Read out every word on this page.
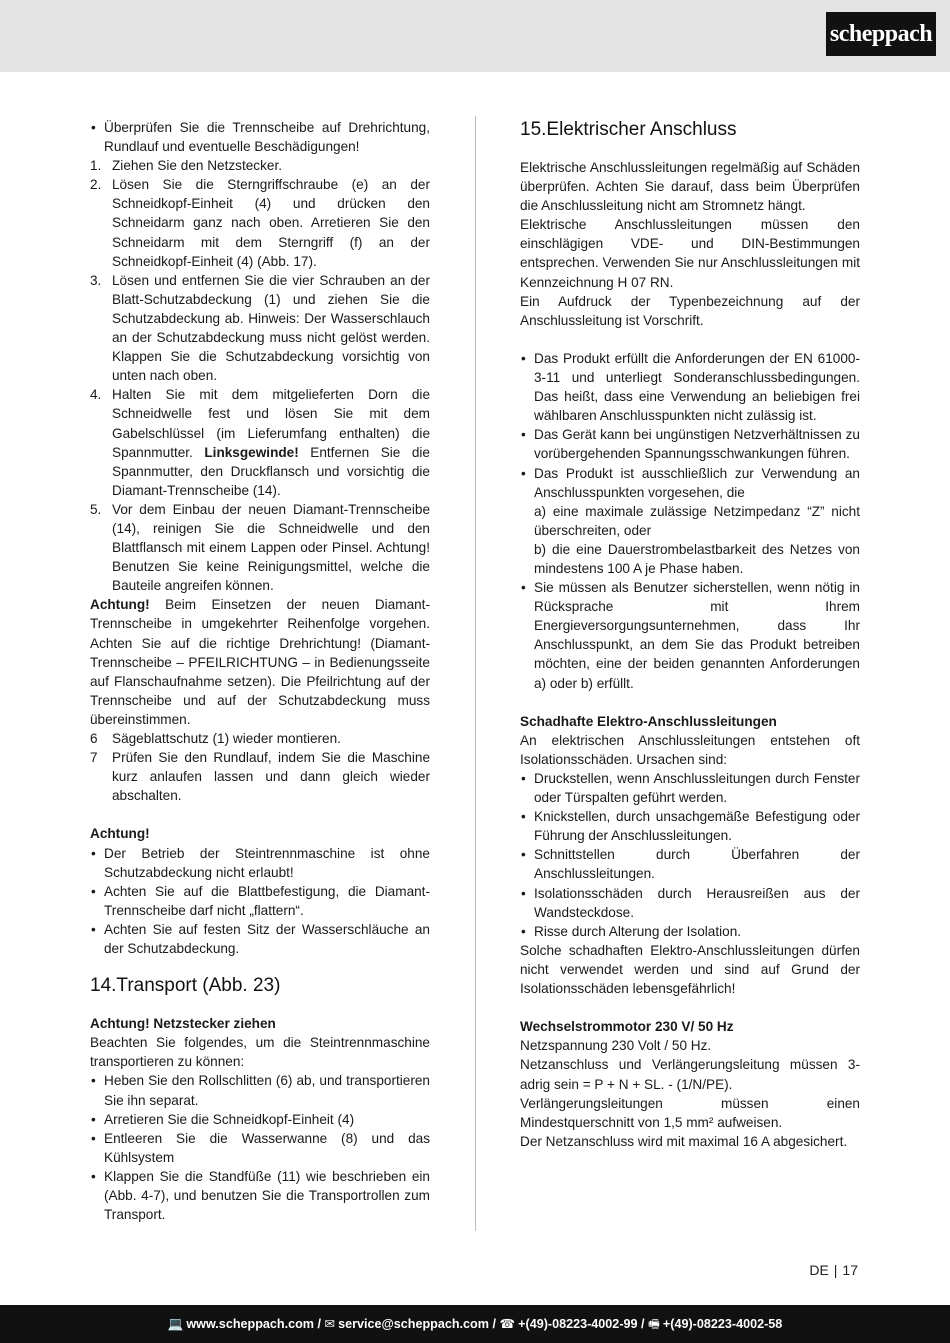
scheppach
• Überprüfen Sie die Trennscheibe auf Drehrichtung, Rundlauf und eventuelle Beschädigungen!
1. Ziehen Sie den Netzstecker.
2. Lösen Sie die Sterngriffschraube (e) an der Schneidkopf-Einheit (4) und drücken den Schneidarm ganz nach oben. Arretieren Sie den Schneidarm mit dem Sterngriff (f) an der Schneidkopf-Einheit (4) (Abb. 17).
3. Lösen und entfernen Sie die vier Schrauben an der Blatt-Schutzabdeckung (1) und ziehen Sie die Schutzabdeckung ab. Hinweis: Der Wasserschlauch an der Schutzabdeckung muss nicht gelöst werden. Klappen Sie die Schutzabdeckung vorsichtig von unten nach oben.
4. Halten Sie mit dem mitgelieferten Dorn die Schneidwelle fest und lösen Sie mit dem Gabelschlüssel (im Lieferumfang enthalten) die Spannmutter. Linksgewinde! Entfernen Sie die Spannmutter, den Druckflansch und vorsichtig die Diamant-Trennscheibe (14).
5. Vor dem Einbau der neuen Diamant-Trennscheibe (14), reinigen Sie die Schneidwelle und den Blattflansch mit einem Lappen oder Pinsel. Achtung! Benutzen Sie keine Reinigungsmittel, welche die Bauteile angreifen können.

Achtung! Beim Einsetzen der neuen Diamant-Trennscheibe in umgekehrter Reihenfolge vorgehen. Achten Sie auf die richtige Drehrichtung! (Diamant-Trennscheibe – PFEILRICHTUNG – in Bedienungsseite auf Flanschaufnahme setzen). Die Pfeilrichtung auf der Trennscheibe und auf der Schutzabdeckung muss übereinstimmen.

6 Sägeblattschutz (1) wieder montieren.
7 Prüfen Sie den Rundlauf, indem Sie die Maschine kurz anlaufen lassen und dann gleich wieder abschalten.

Achtung!

• Der Betrieb der Steintrennmaschine ist ohne Schutzabdeckung nicht erlaubt!
• Achten Sie auf die Blattbefestigung, die Diamant-Trennscheibe darf nicht „flattern“.
• Achten Sie auf festen Sitz der Wasserschläuche an der Schutzabdeckung.
14.Transport (Abb. 23)

Achtung! Netzstecker ziehen

Beachten Sie folgendes, um die Steintrennmaschine transportieren zu können:

• Heben Sie den Rollschlitten (6) ab, und transportieren Sie ihn separat.
• Arretieren Sie die Schneidkopf-Einheit (4)
• Entleeren Sie die Wasserwanne (8) und das Kühlsystem
• Klappen Sie die Standfüße (11) wie beschrieben ein (Abb. 4-7), und benutzen Sie die Transportrollen zum Transport.
15.Elektrischer Anschluss

Elektrische Anschlussleitungen regelmäßig auf Schäden überprüfen. Achten Sie darauf, dass beim Überprüfen die Anschlussleitung nicht am Stromnetz hängt.

Elektrische Anschlussleitungen müssen den einschlägigen VDE- und DIN-Bestimmungen entsprechen. Verwenden Sie nur Anschlussleitungen mit Kennzeichnung H 07 RN.

Ein Aufdruck der Typenbezeichnung auf der Anschlussleitung ist Vorschrift.

• Das Produkt erfüllt die Anforderungen der EN 61000-3-11 und unterliegt Sonderanschlussbedingungen. Das heißt, dass eine Verwendung an beliebigen frei wählbaren Anschlusspunkten nicht zulässig ist.
• Das Gerät kann bei ungünstigen Netzverhältnissen zu vorübergehenden Spannungsschwankungen führen.
• Das Produkt ist ausschließlich zur Verwendung an Anschlusspunkten vorgesehen, die
a) eine maximale zulässige Netzimpedanz “Z” nicht überschreiten, oder
b) die eine Dauerstrombelastbarkeit des Netzes von mindestens 100 A je Phase haben.
• Sie müssen als Benutzer sicherstellen, wenn nötig in Rücksprache mit Ihrem Energieversorgungsunternehmen, dass Ihr Anschlusspunkt, an dem Sie das Produkt betreiben möchten, eine der beiden genannten Anforderungen a) oder b) erfüllt.

Schadhafte Elektro-Anschlussleitungen

An elektrischen Anschlussleitungen entstehen oft Isolationsschäden. Ursachen sind:

• Druckstellen, wenn Anschlussleitungen durch Fenster oder Türspalten geführt werden.
• Knickstellen, durch unsachgemäße Befestigung oder Führung der Anschlussleitungen.
• Schnittstellen durch Überfahren der Anschlussleitungen.
• Isolationsschäden durch Herausreißen aus der Wandsteckdose.
• Risse durch Alterung der Isolation.

Solche schadhaften Elektro-Anschlussleitungen dürfen nicht verwendet werden und sind auf Grund der Isolationsschäden lebensgefährlich!

Wechselstrommotor 230 V/ 50 Hz

Netzspannung 230 Volt / 50 Hz.

Netzanschluss und Verlängerungsleitung müssen 3-adrig sein = P + N + SL. - (1/N/PE).

Verlängerungsleitungen müssen einen Mindestquerschnitt von 1,5 mm² aufweisen.

Der Netzanschluss wird mit maximal 16 A abgesichert.

DE | 17
💻 www.scheppach.com / ✉ service@scheppach.com / ☎ +(49)-08223-4002-99 / 🖷 +(49)-08223-4002-58
